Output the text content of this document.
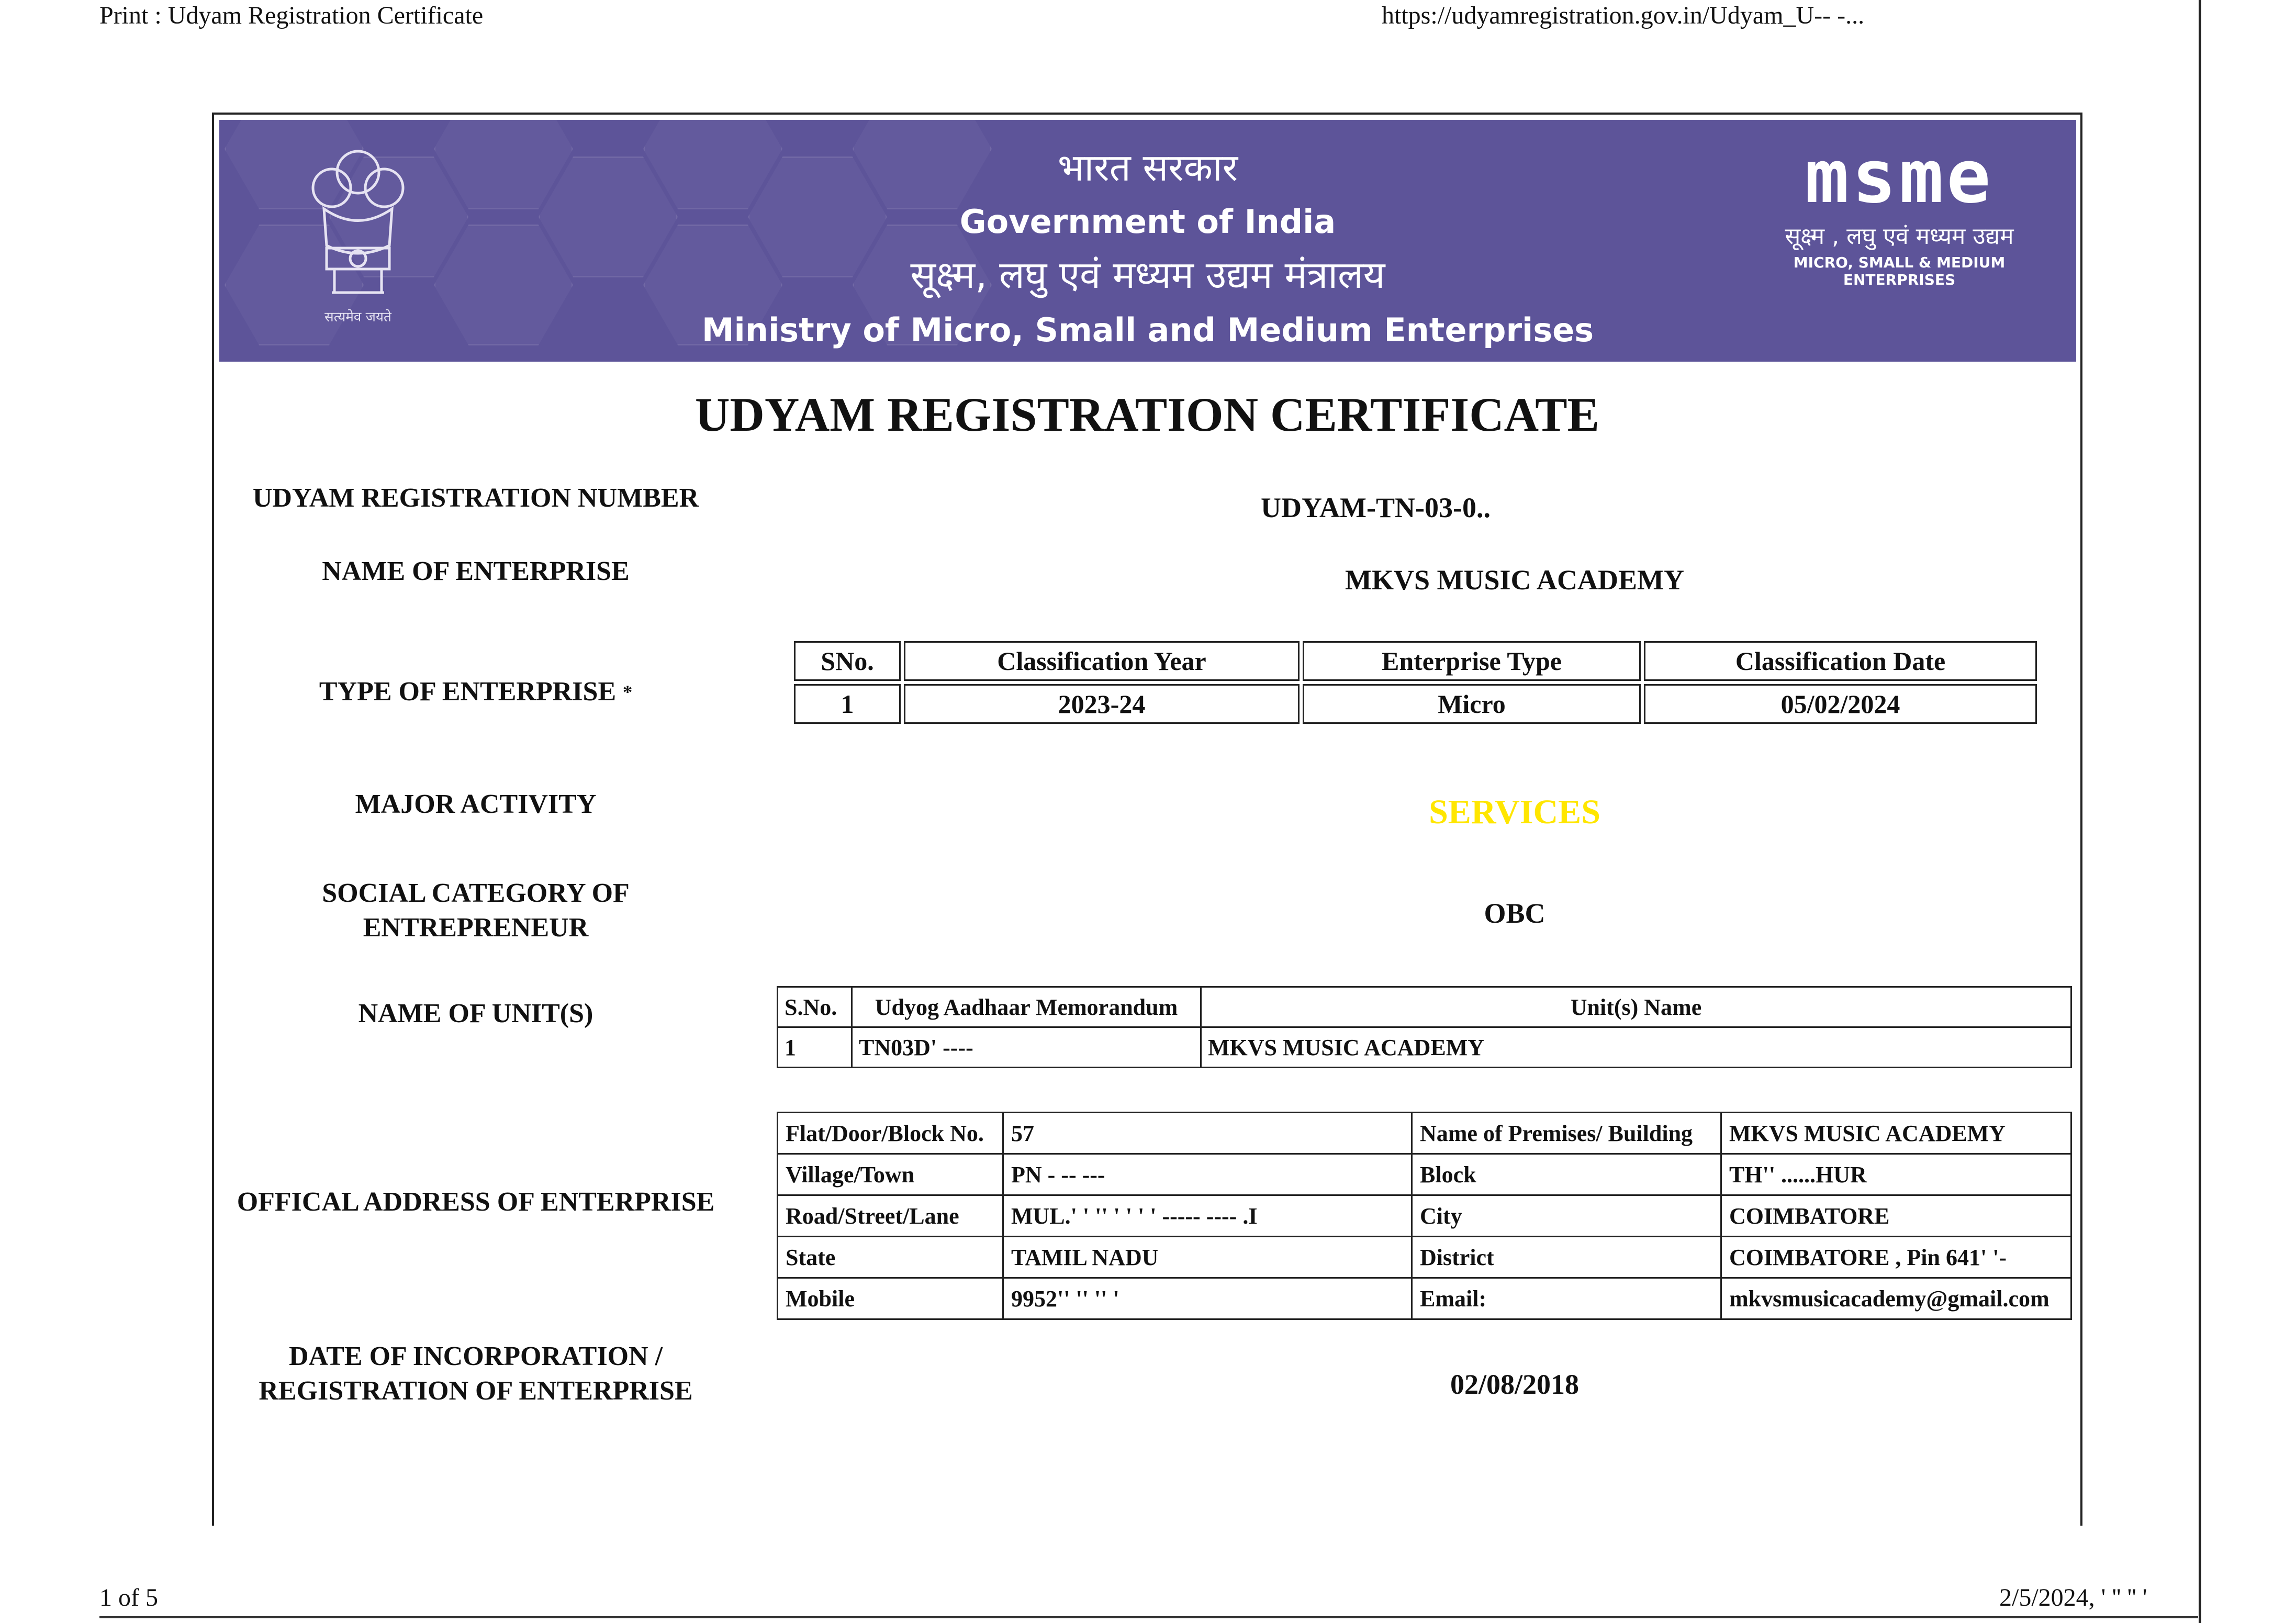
Print : Udyam Registration Certificate	https://udyamregistration.gov.in/Udyam_U-- -...
सत्यमेव जयते
भारत सरकार
Government of India
सूक्ष्म, लघु एवं मध्यम उद्यम मंत्रालय
Ministry of Micro, Small and Medium Enterprises
msme
सूक्ष्म , लघु एवं मध्यम उद्यम
MICRO, SMALL & MEDIUM ENTERPRISES
UDYAM REGISTRATION CERTIFICATE
UDYAM REGISTRATION NUMBER	UDYAM-TN-03-0..
NAME OF ENTERPRISE	MKVS MUSIC ACADEMY
TYPE OF ENTERPRISE *
SNo.	Classification Year	Enterprise Type	Classification Date
1	2023-24	Micro	05/02/2024
MAJOR ACTIVITY	SERVICES
SOCIAL CATEGORY OF
ENTREPRENEUR	OBC
NAME OF UNIT(S)	S.No.	Udyog Aadhaar Memorandum	Unit(s) Name
1	TN03D' ----	MKVS MUSIC ACADEMY
OFFICAL ADDRESS OF ENTERPRISE
Flat/Door/Block No.	57	Name of Premises/ Building	MKVS MUSIC ACADEMY
Village/Town	PN - -- ---	Block	TH'' ......HUR
Road/Street/Lane	MUL.' ' '' ' ' ' ' ----- ---- .I	City	COIMBATORE
State	TAMIL NADU	District	COIMBATORE , Pin 641' '-
Mobile	9952'' '' '' '	Email:	mkvsmusicacademy@gmail.com
DATE OF INCORPORATION /
REGISTRATION OF ENTERPRISE	02/08/2018
1 of 5	2/5/2024, ' '' '' '
